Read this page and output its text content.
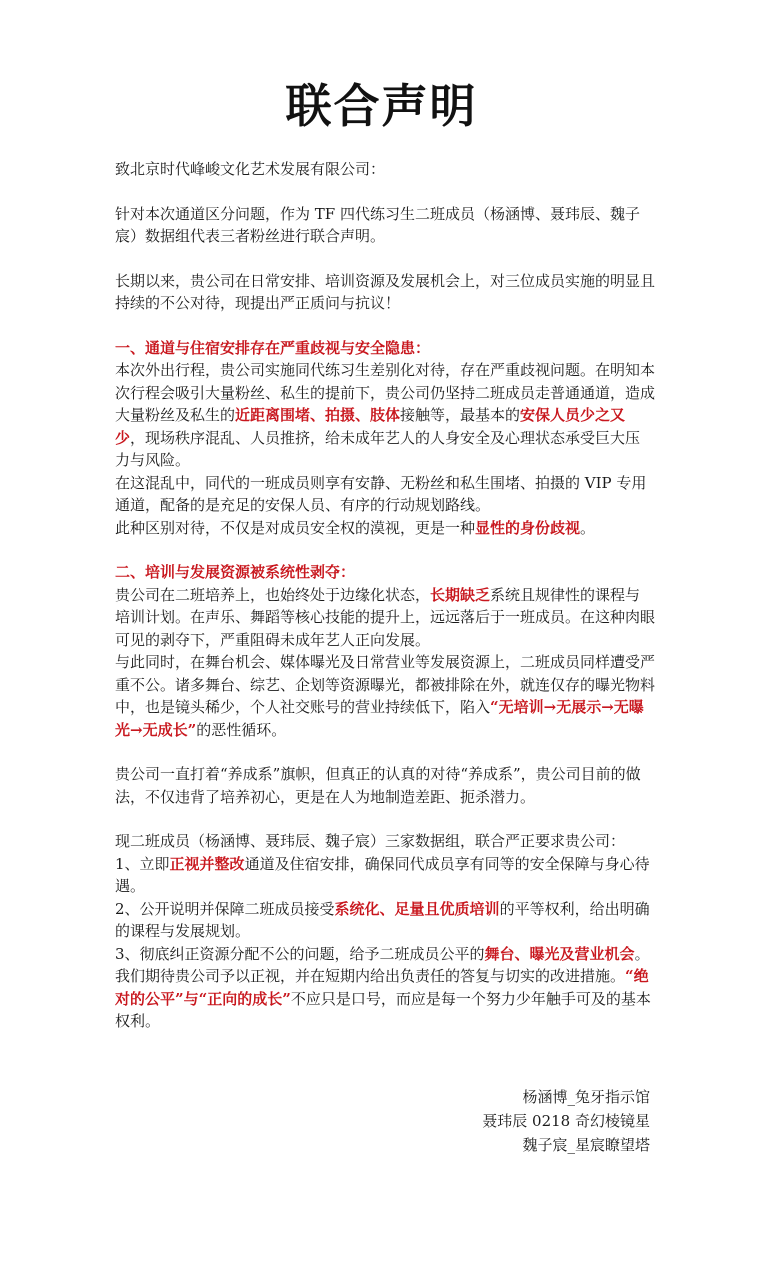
联合声明

致北京时代峰峻文化艺术发展有限公司：

针对本次通道区分问题，作为 TF 四代练习生二班成员（杨涵博、聂玮辰、魏子宸）数据组代表三者粉丝进行联合声明。

长期以来，贵公司在日常安排、培训资源及发展机会上，对三位成员实施的明显且持续的不公对待，现提出严正质问与抗议！

一、通道与住宿安排存在严重歧视与安全隐患：

本次外出行程，贵公司实施同代练习生差别化对待，存在严重歧视问题。在明知本次行程会吸引大量粉丝、私生的提前下，贵公司仍坚持二班成员走普通通道，造成大量粉丝及私生的近距离围堵、拍摄、肢体接触等，最基本的安保人员少之又少，现场秩序混乱、人员推挤，给未成年艺人的人身安全及心理状态承受巨大压力与风险。

在这混乱中，同代的一班成员则享有安静、无粉丝和私生围堵、拍摄的 VIP 专用通道，配备的是充足的安保人员、有序的行动规划路线。

此种区别对待，不仅是对成员安全权的漠视，更是一种显性的身份歧视。

二、培训与发展资源被系统性剥夺：

贵公司在二班培养上，也始终处于边缘化状态，长期缺乏系统且规律性的课程与培训计划。在声乐、舞蹈等核心技能的提升上，远远落后于一班成员。在这种肉眼可见的剥夺下，严重阻碍未成年艺人正向发展。

与此同时，在舞台机会、媒体曝光及日常营业等发展资源上，二班成员同样遭受严重不公。诸多舞台、综艺、企划等资源曝光，都被排除在外，就连仅存的曝光物料中，也是镜头稀少，个人社交账号的营业持续低下，陷入“无培训→无展示→无曝光→无成长”的恶性循环。

贵公司一直打着“养成系”旗帜，但真正的认真的对待“养成系”，贵公司目前的做法，不仅违背了培养初心，更是在人为地制造差距、扼杀潜力。

现二班成员（杨涵博、聂玮辰、魏子宸）三家数据组，联合严正要求贵公司：

1、立即正视并整改通道及住宿安排，确保同代成员享有同等的安全保障与身心待遇。

2、公开说明并保障二班成员接受系统化、足量且优质培训的平等权利，给出明确的课程与发展规划。

3、彻底纠正资源分配不公的问题，给予二班成员公平的舞台、曝光及营业机会。

我们期待贵公司予以正视，并在短期内给出负责任的答复与切实的改进措施。“绝对的公平”与“正向的成长”不应只是口号，而应是每一个努力少年触手可及的基本权利。

杨涵博_兔牙指示馆
聂玮辰 0218 奇幻棱镜星
魏子宸_星宸瞭望塔
